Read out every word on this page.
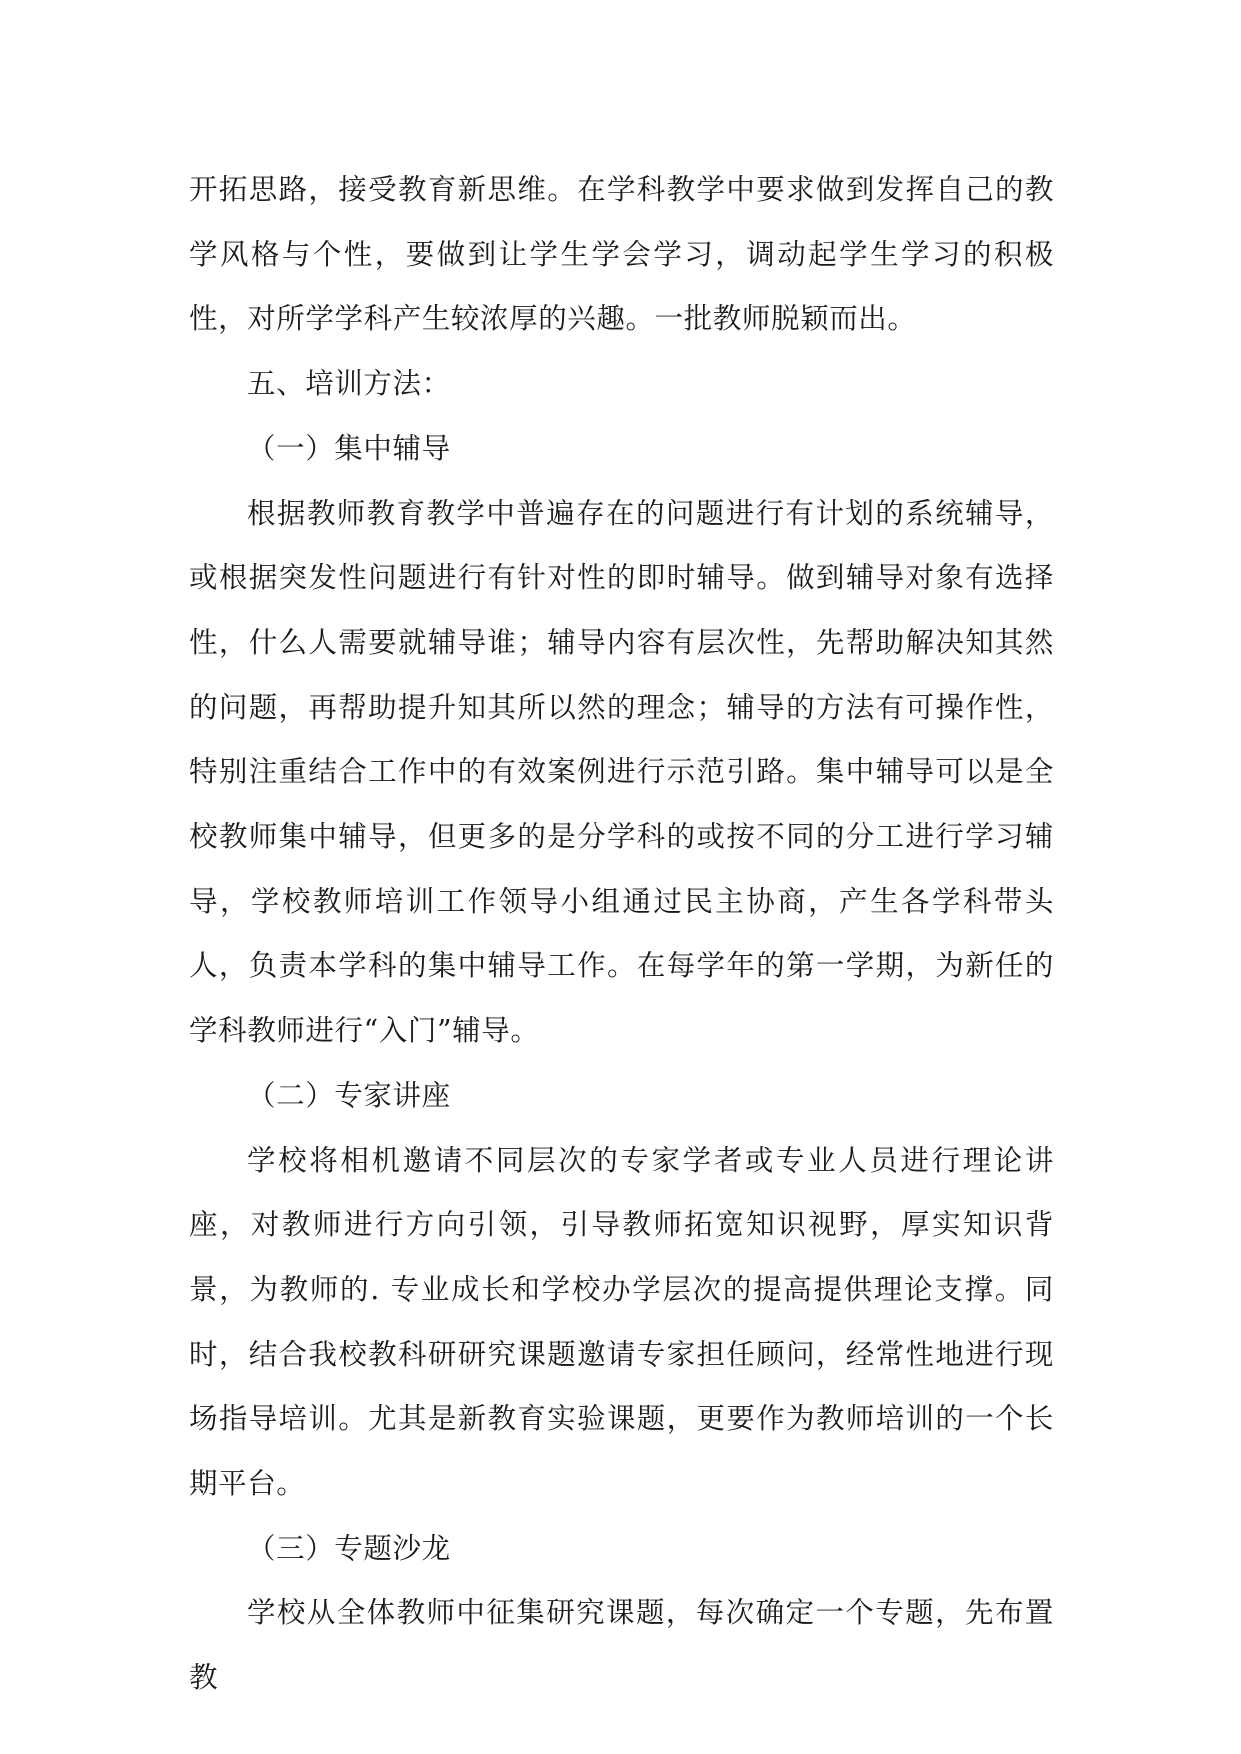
开拓思路，接受教育新思维。在学科教学中要求做到发挥自己的教学风格与个性，要做到让学生学会学习，调动起学生学习的积极性，对所学学科产生较浓厚的兴趣。一批教师脱颖而出。

五、培训方法：

（一）集中辅导

根据教师教育教学中普遍存在的问题进行有计划的系统辅导，或根据突发性问题进行有针对性的即时辅导。做到辅导对象有选择性，什么人需要就辅导谁；辅导内容有层次性，先帮助解决知其然的问题，再帮助提升知其所以然的理念；辅导的方法有可操作性，特别注重结合工作中的有效案例进行示范引路。集中辅导可以是全校教师集中辅导，但更多的是分学科的或按不同的分工进行学习辅导，学校教师培训工作领导小组通过民主协商，产生各学科带头人，负责本学科的集中辅导工作。在每学年的第一学期，为新任的学科教师进行“入门”辅导。

（二）专家讲座

学校将相机邀请不同层次的专家学者或专业人员进行理论讲座，对教师进行方向引领，引导教师拓宽知识视野，厚实知识背景，为教师的. 专业成长和学校办学层次的提高提供理论支撑。同时，结合我校教科研研究课题邀请专家担任顾问，经常性地进行现场指导培训。尤其是新教育实验课题，更要作为教师培训的一个长期平台。

（三）专题沙龙

学校从全体教师中征集研究课题，每次确定一个专题，先布置教
